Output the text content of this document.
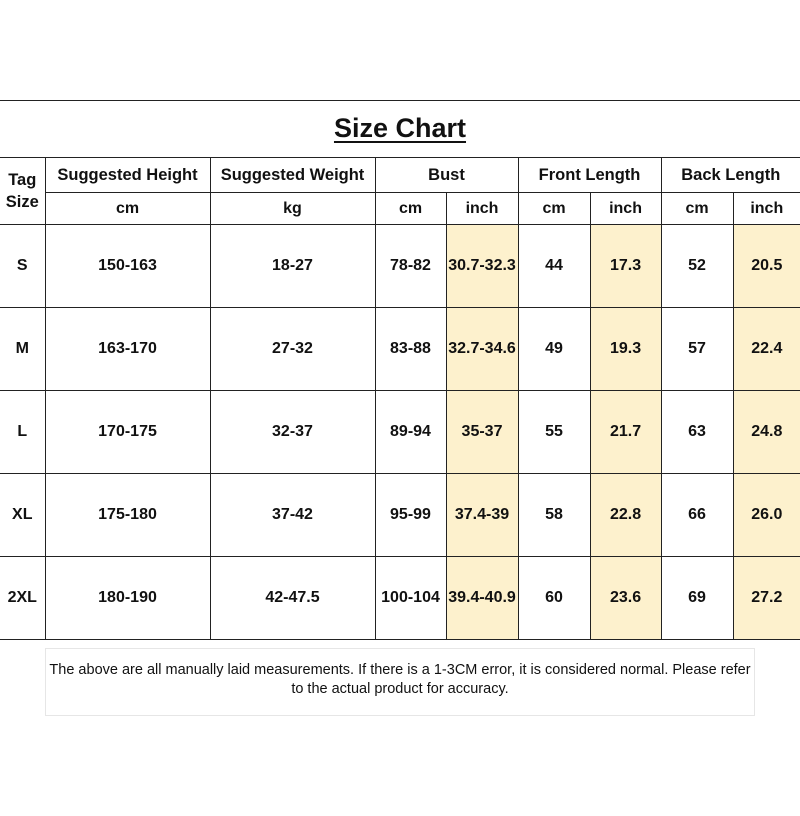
Size Chart
Tag
Size	Suggested Height	Suggested Weight	Bust		Front Length		Back Length	
	cm	kg	cm	inch	cm	inch	cm	inch
S	150-163	18-27	78-82	30.7-32.3	44	17.3	52	20.5
M	163-170	27-32	83-88	32.7-34.6	49	19.3	57	22.4
L	170-175	32-37	89-94	35-37	55	21.7	63	24.8
XL	175-180	37-42	95-99	37.4-39	58	22.8	66	26.0
2XL	180-190	42-47.5	100-104	39.4-40.9	60	23.6	69	27.2
The above are all manually laid measurements. If there is a 1-3CM error, it is considered normal. Please refer
to the actual product for accuracy.
